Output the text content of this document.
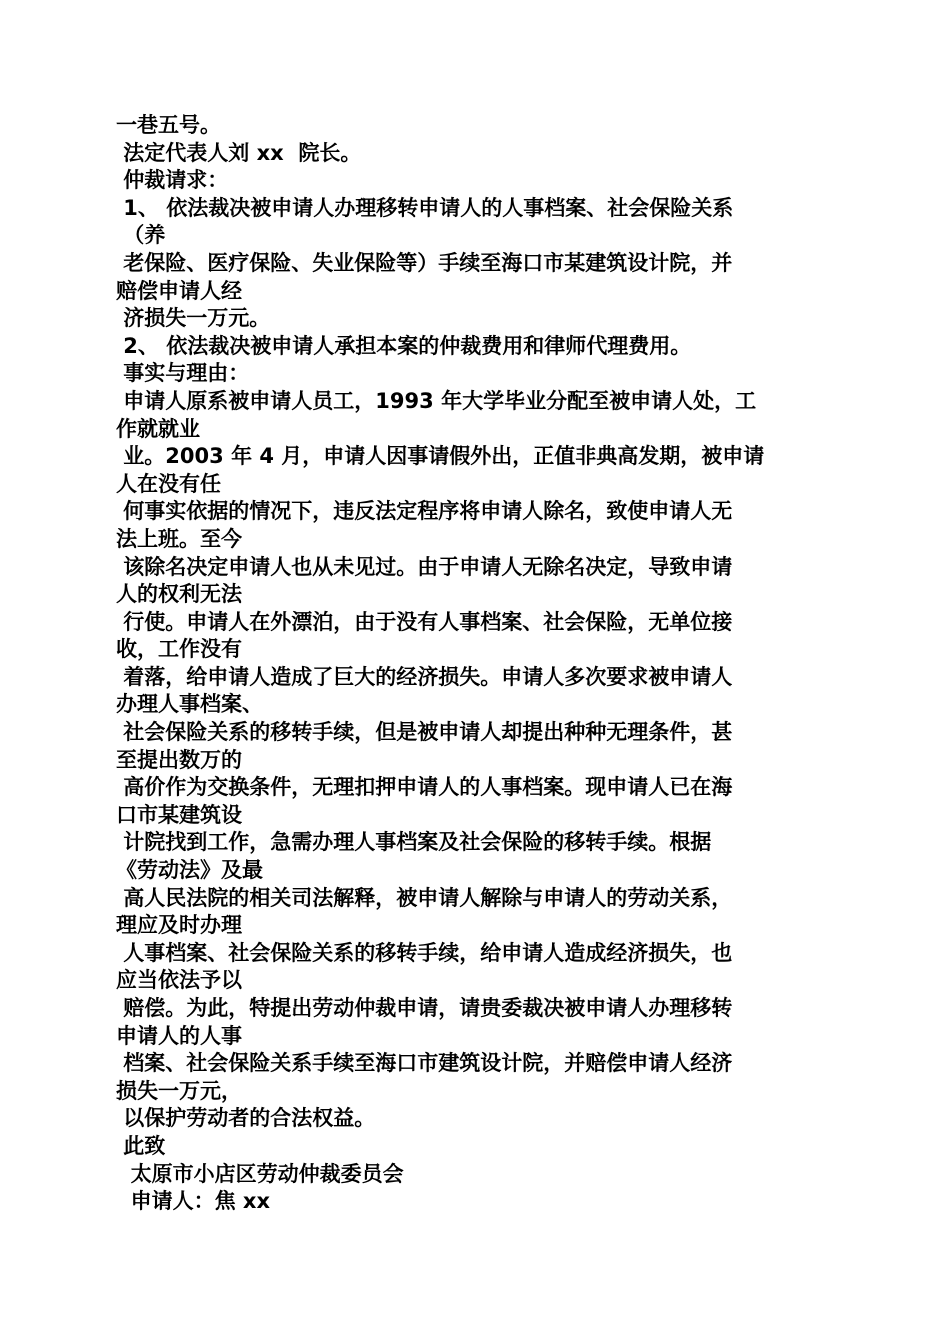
一巷五号。
法定代表人刘 xx  院长。
仲裁请求：
1、 依法裁决被申请人办理移转申请人的人事档案、社会保险关系
（养
老保险、医疗保险、失业保险等）手续至海口市某建筑设计院，并
赔偿申请人经
济损失一万元。
2、 依法裁决被申请人承担本案的仲裁费用和律师代理费用。
事实与理由：
申请人原系被申请人员工，1993 年大学毕业分配至被申请人处，工
作就就业
业。2003 年 4 月，申请人因事请假外出，正值非典高发期，被申请
人在没有任
何事实依据的情况下，违反法定程序将申请人除名，致使申请人无
法上班。至今
该除名决定申请人也从未见过。由于申请人无除名决定，导致申请
人的权利无法
行使。申请人在外漂泊，由于没有人事档案、社会保险，无单位接
收，工作没有
着落，给申请人造成了巨大的经济损失。申请人多次要求被申请人
办理人事档案、
社会保险关系的移转手续，但是被申请人却提出种种无理条件，甚
至提出数万的
高价作为交换条件，无理扣押申请人的人事档案。现申请人已在海
口市某建筑设
计院找到工作，急需办理人事档案及社会保险的移转手续。根据
《劳动法》及最
高人民法院的相关司法解释，被申请人解除与申请人的劳动关系，
理应及时办理
人事档案、社会保险关系的移转手续，给申请人造成经济损失，也
应当依法予以
赔偿。为此，特提出劳动仲裁申请，请贵委裁决被申请人办理移转
申请人的人事
档案、社会保险关系手续至海口市建筑设计院，并赔偿申请人经济
损失一万元，
以保护劳动者的合法权益。
此致
太原市小店区劳动仲裁委员会
申请人：焦 xx
